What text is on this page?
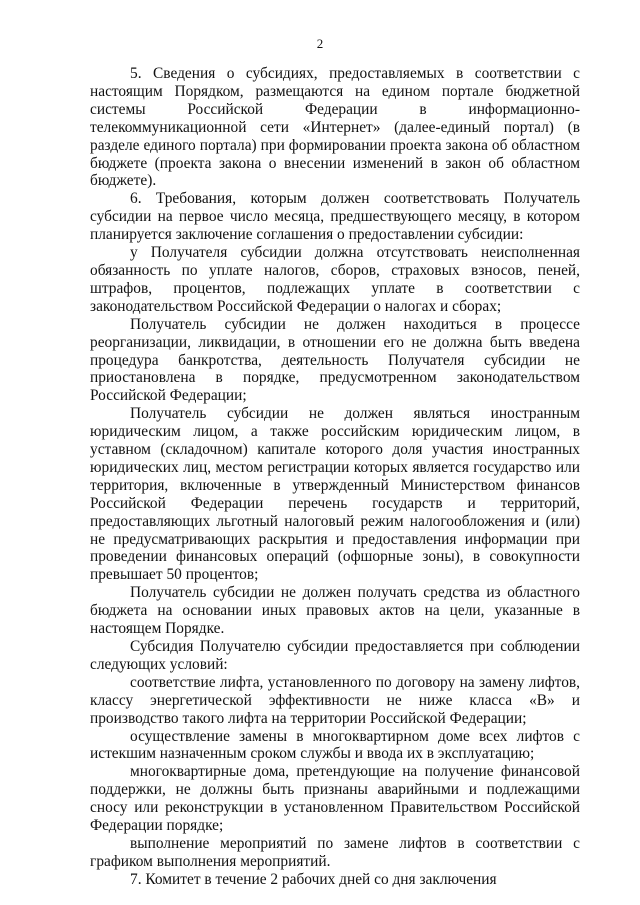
2

5. Сведения о субсидиях, предоставляемых в соответствии с настоящим Порядком, размещаются на едином портале бюджетной системы Российской Федерации в информационно-телекоммуникационной сети «Интернет» (далее-единый портал) (в разделе единого портала) при формировании проекта закона об областном бюджете (проекта закона о внесении изменений в закон об областном бюджете).

6. Требования, которым должен соответствовать Получатель субсидии на первое число месяца, предшествующего месяцу, в котором планируется заключение соглашения о предоставлении субсидии:

у Получателя субсидии должна отсутствовать неисполненная обязанность по уплате налогов, сборов, страховых взносов, пеней, штрафов, процентов, подлежащих уплате в соответствии с законодательством Российской Федерации о налогах и сборах;

Получатель субсидии не должен находиться в процессе реорганизации, ликвидации, в отношении его не должна быть введена процедура банкротства, деятельность Получателя субсидии не приостановлена в порядке, предусмотренном законодательством Российской Федерации;

Получатель субсидии не должен являться иностранным юридическим лицом, а также российским юридическим лицом, в уставном (складочном) капитале которого доля участия иностранных юридических лиц, местом регистрации которых является государство или территория, включенные в утвержденный Министерством финансов Российской Федерации перечень государств и территорий, предоставляющих льготный налоговый режим налогообложения и (или) не предусматривающих раскрытия и предоставления информации при проведении финансовых операций (офшорные зоны), в совокупности превышает 50 процентов;

Получатель субсидии не должен получать средства из областного бюджета на основании иных правовых актов на цели, указанные в настоящем Порядке.

Субсидия Получателю субсидии предоставляется при соблюдении следующих условий:

соответствие лифта, установленного по договору на замену лифтов, классу энергетической эффективности не ниже класса «В» и производство такого лифта на территории Российской Федерации;

осуществление замены в многоквартирном доме всех лифтов с истекшим назначенным сроком службы и ввода их в эксплуатацию;

многоквартирные дома, претендующие на получение финансовой поддержки, не должны быть признаны аварийными и подлежащими сносу или реконструкции в установленном Правительством Российской Федерации порядке;

выполнение мероприятий по замене лифтов в соответствии с графиком выполнения мероприятий.

7. Комитет в течение 2 рабочих дней со дня заключения
